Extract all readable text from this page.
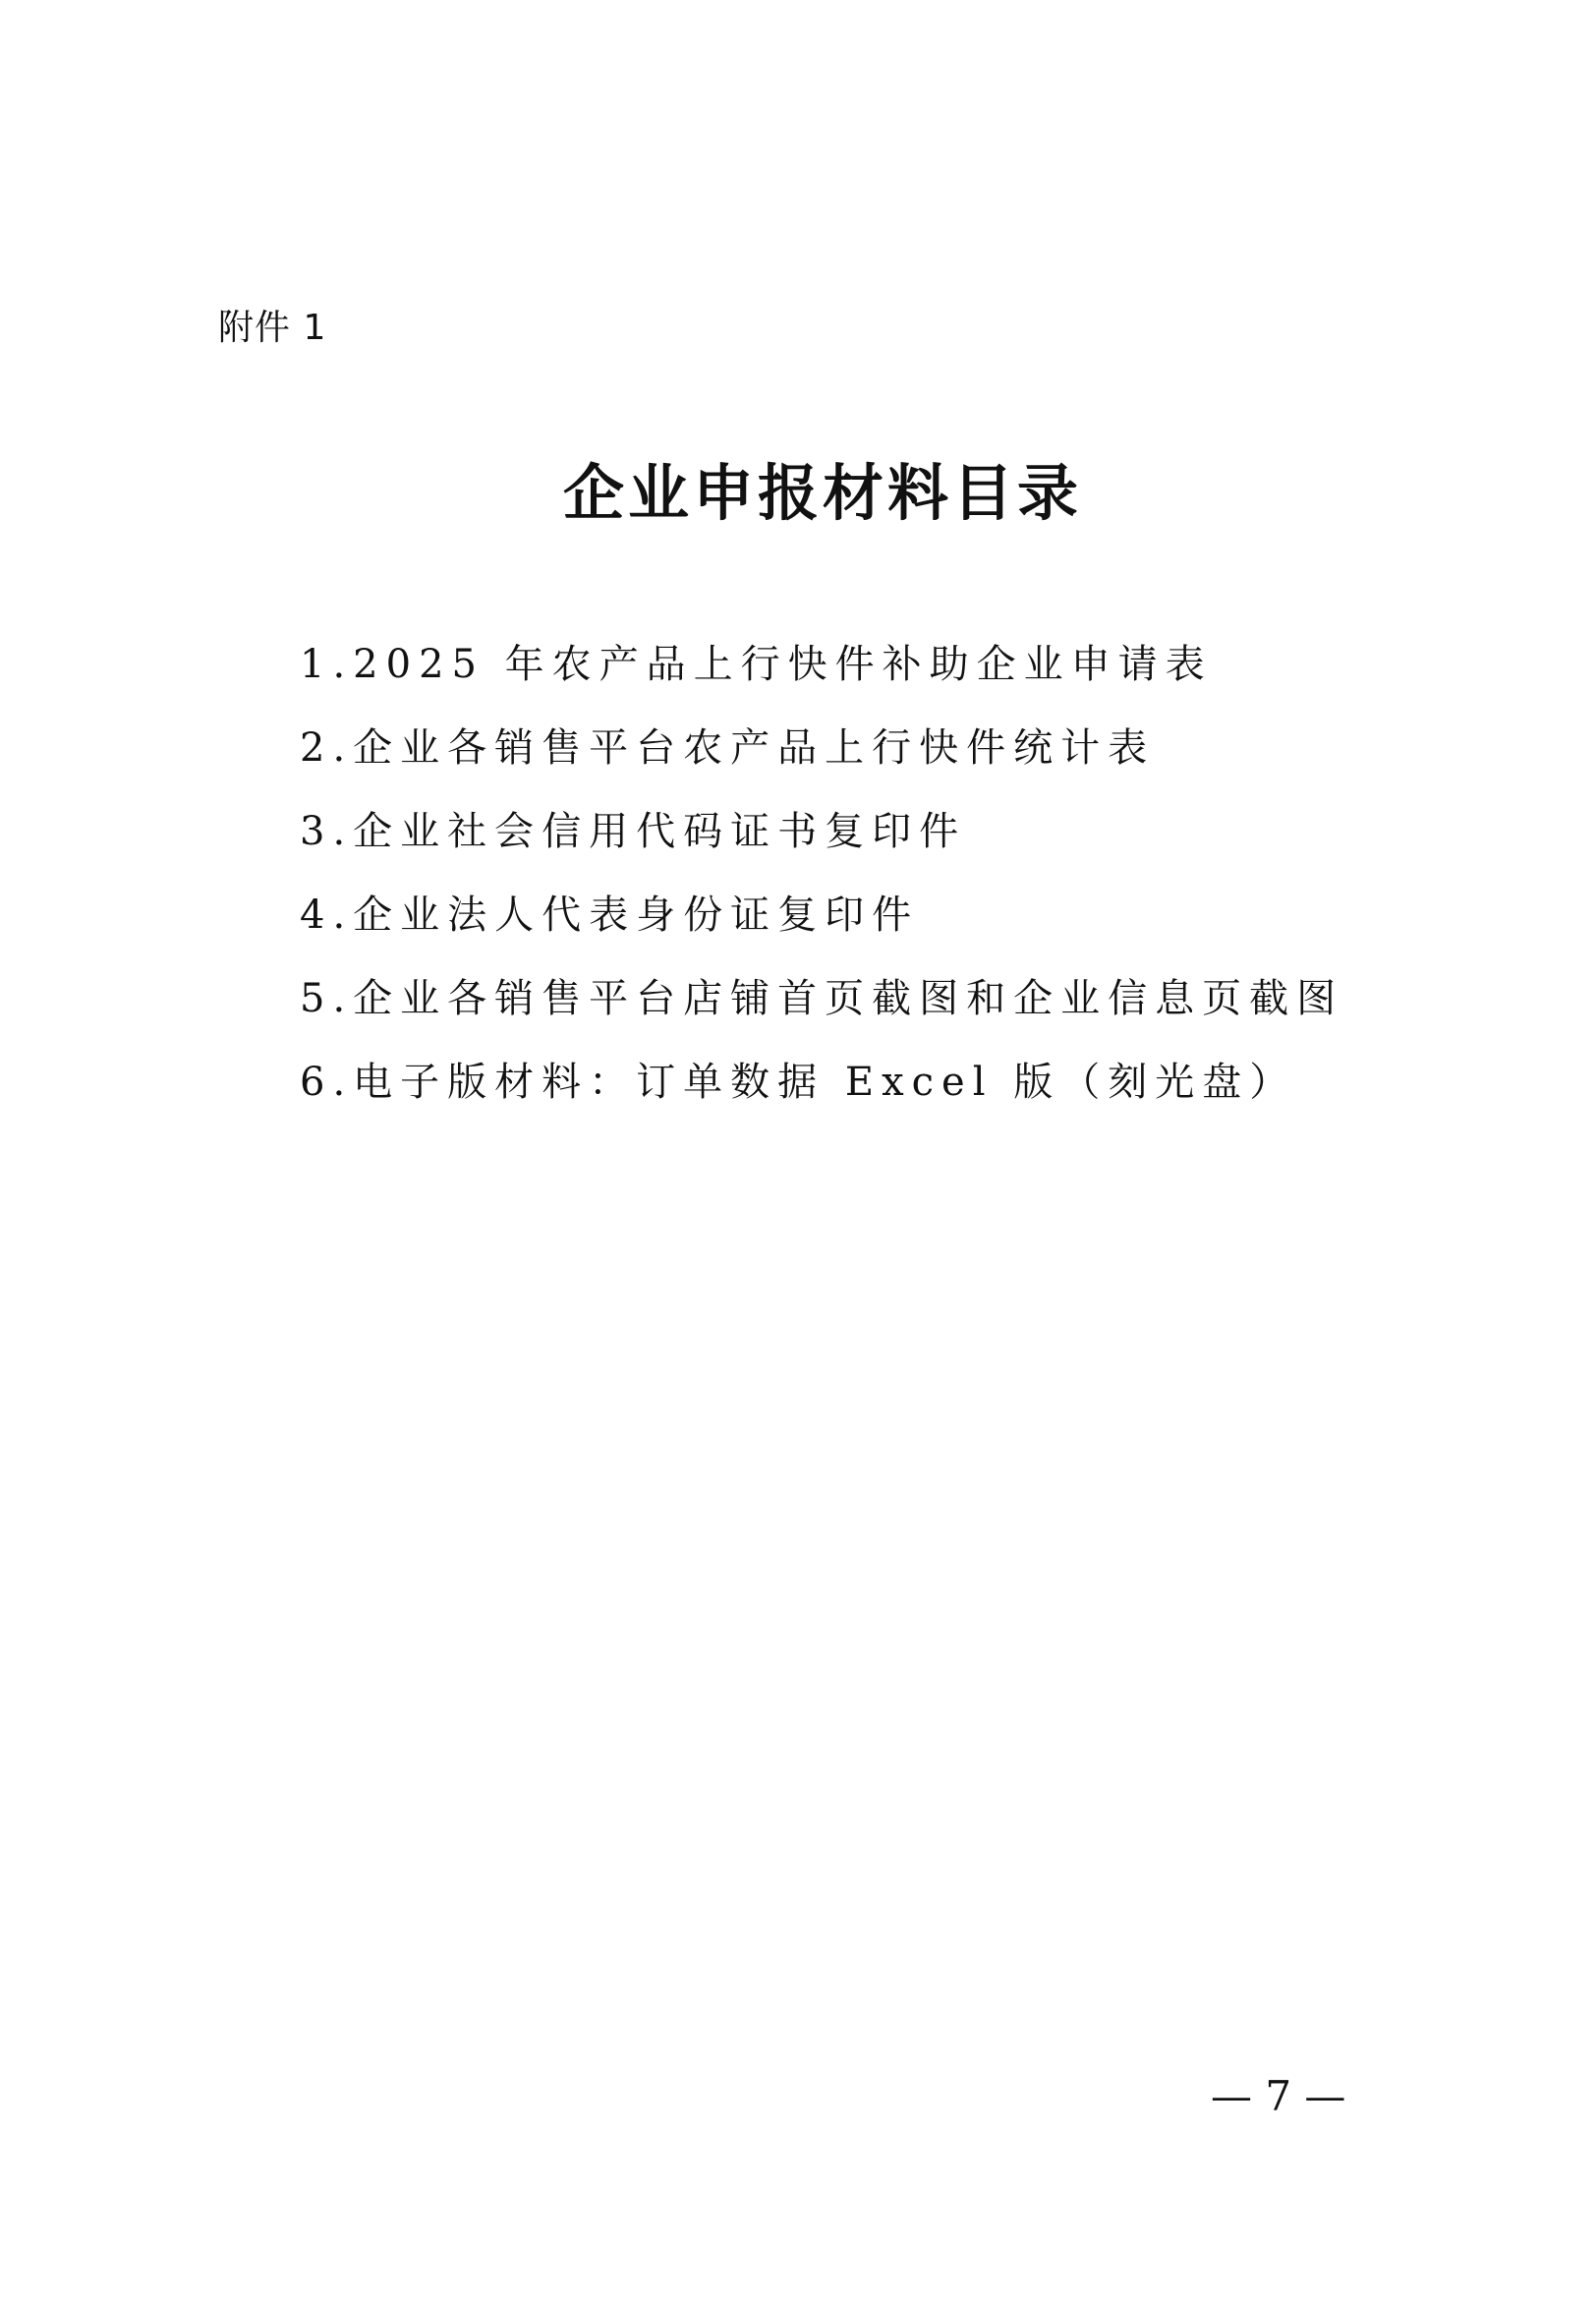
附件 1
企业申报材料目录
1.2025 年农产品上行快件补助企业申请表
2.企业各销售平台农产品上行快件统计表
3.企业社会信用代码证书复印件
4.企业法人代表身份证复印件
5.企业各销售平台店铺首页截图和企业信息页截图
6.电子版材料：订单数据 Excel 版（刻光盘）
— 7 —
